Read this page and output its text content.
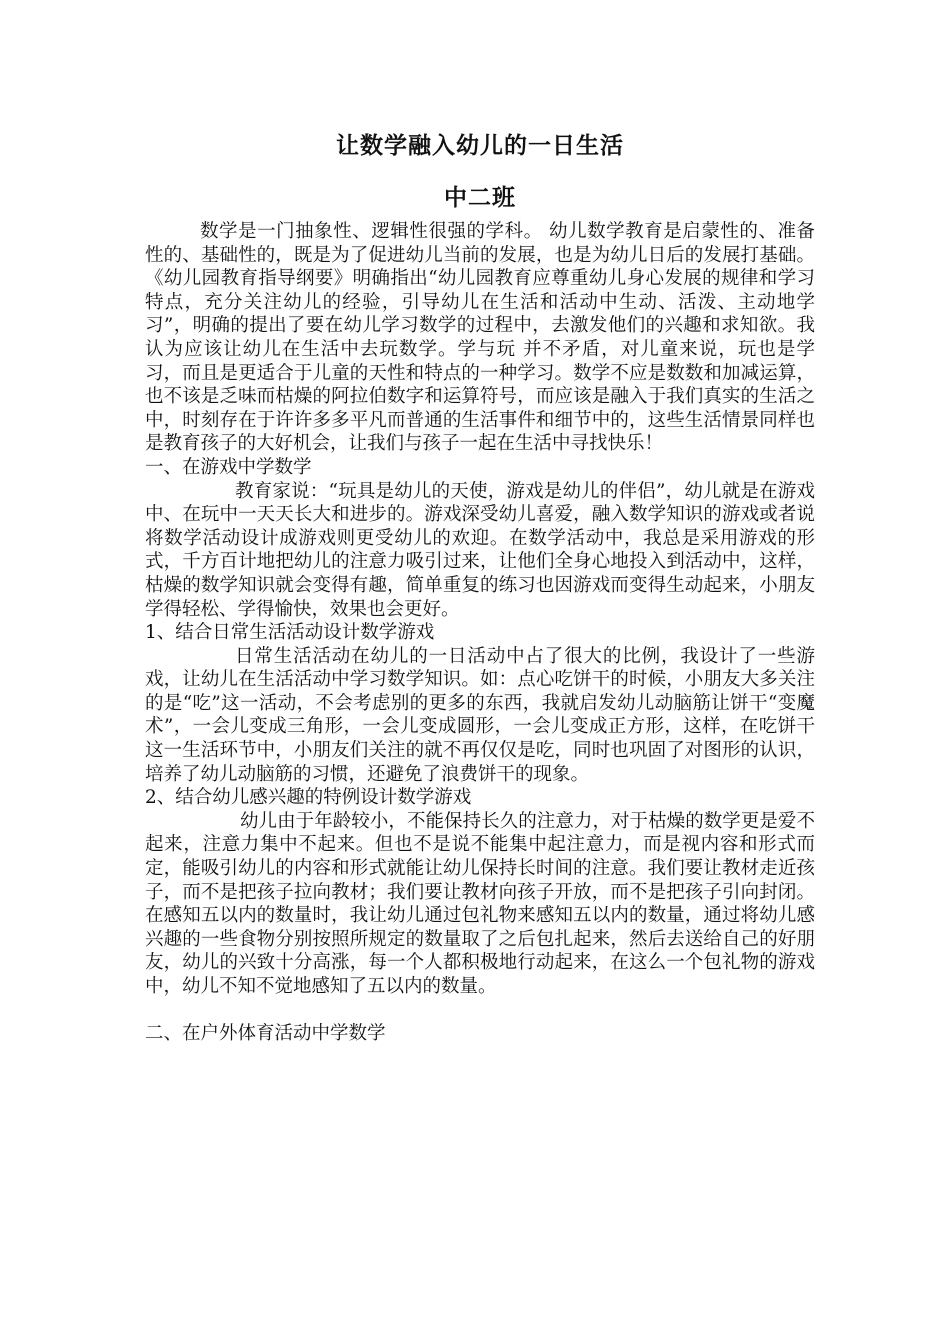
让数学融入幼儿的一日生活
中二班

数学是一门抽象性、逻辑性很强的学科。 幼儿数学教育是启蒙性的、准备性的、基础性的，既是为了促进幼儿当前的发展，也是为幼儿日后的发展打基础。《幼儿园教育指导纲要》明确指出“幼儿园教育应尊重幼儿身心发展的规律和学习特点，充分关注幼儿的经验，引导幼儿在生活和活动中生动、活泼、主动地学习”，明确的提出了要在幼儿学习数学的过程中，去激发他们的兴趣和求知欲。我认为应该让幼儿在生活中去玩数学。学与玩 并不矛盾，对儿童来说，玩也是学习，而且是更适合于儿童的天性和特点的一种学习。数学不应是数数和加减运算，也不该是乏味而枯燥的阿拉伯数字和运算符号，而应该是融入于我们真实的生活之中，时刻存在于许许多多平凡而普通的生活事件和细节中的，这些生活情景同样也是教育孩子的大好机会，让我们与孩子一起在生活中寻找快乐！

一、在游戏中学数学

教育家说：“玩具是幼儿的天使，游戏是幼儿的伴侣”，幼儿就是在游戏中、在玩中一天天长大和进步的。游戏深受幼儿喜爱，融入数学知识的游戏或者说将数学活动设计成游戏则更受幼儿的欢迎。在数学活动中，我总是采用游戏的形式，千方百计地把幼儿的注意力吸引过来，让他们全身心地投入到活动中，这样，枯燥的数学知识就会变得有趣，简单重复的练习也因游戏而变得生动起来，小朋友学得轻松、学得愉快，效果也会更好。

1、结合日常生活活动设计数学游戏

日常生活活动在幼儿的一日活动中占了很大的比例，我设计了一些游戏，让幼儿在生活活动中学习数学知识。如：点心吃饼干的时候，小朋友大多关注的是“吃”这一活动，不会考虑别的更多的东西，我就启发幼儿动脑筋让饼干“变魔术”，一会儿变成三角形，一会儿变成圆形，一会儿变成正方形，这样，在吃饼干这一生活环节中，小朋友们关注的就不再仅仅是吃，同时也巩固了对图形的认识，培养了幼儿动脑筋的习惯，还避免了浪费饼干的现象。

2、结合幼儿感兴趣的特例设计数学游戏

幼儿由于年龄较小，不能保持长久的注意力，对于枯燥的数学更是爱不起来，注意力集中不起来。但也不是说不能集中起注意力，而是视内容和形式而定，能吸引幼儿的内容和形式就能让幼儿保持长时间的注意。我们要让教材走近孩子，而不是把孩子拉向教材；我们要让教材向孩子开放，而不是把孩子引向封闭。在感知五以内的数量时，我让幼儿通过包礼物来感知五以内的数量，通过将幼儿感兴趣的一些食物分别按照所规定的数量取了之后包扎起来，然后去送给自己的好朋友，幼儿的兴致十分高涨，每一个人都积极地行动起来，在这么一个包礼物的游戏中，幼儿不知不觉地感知了五以内的数量。

二、在户外体育活动中学数学
